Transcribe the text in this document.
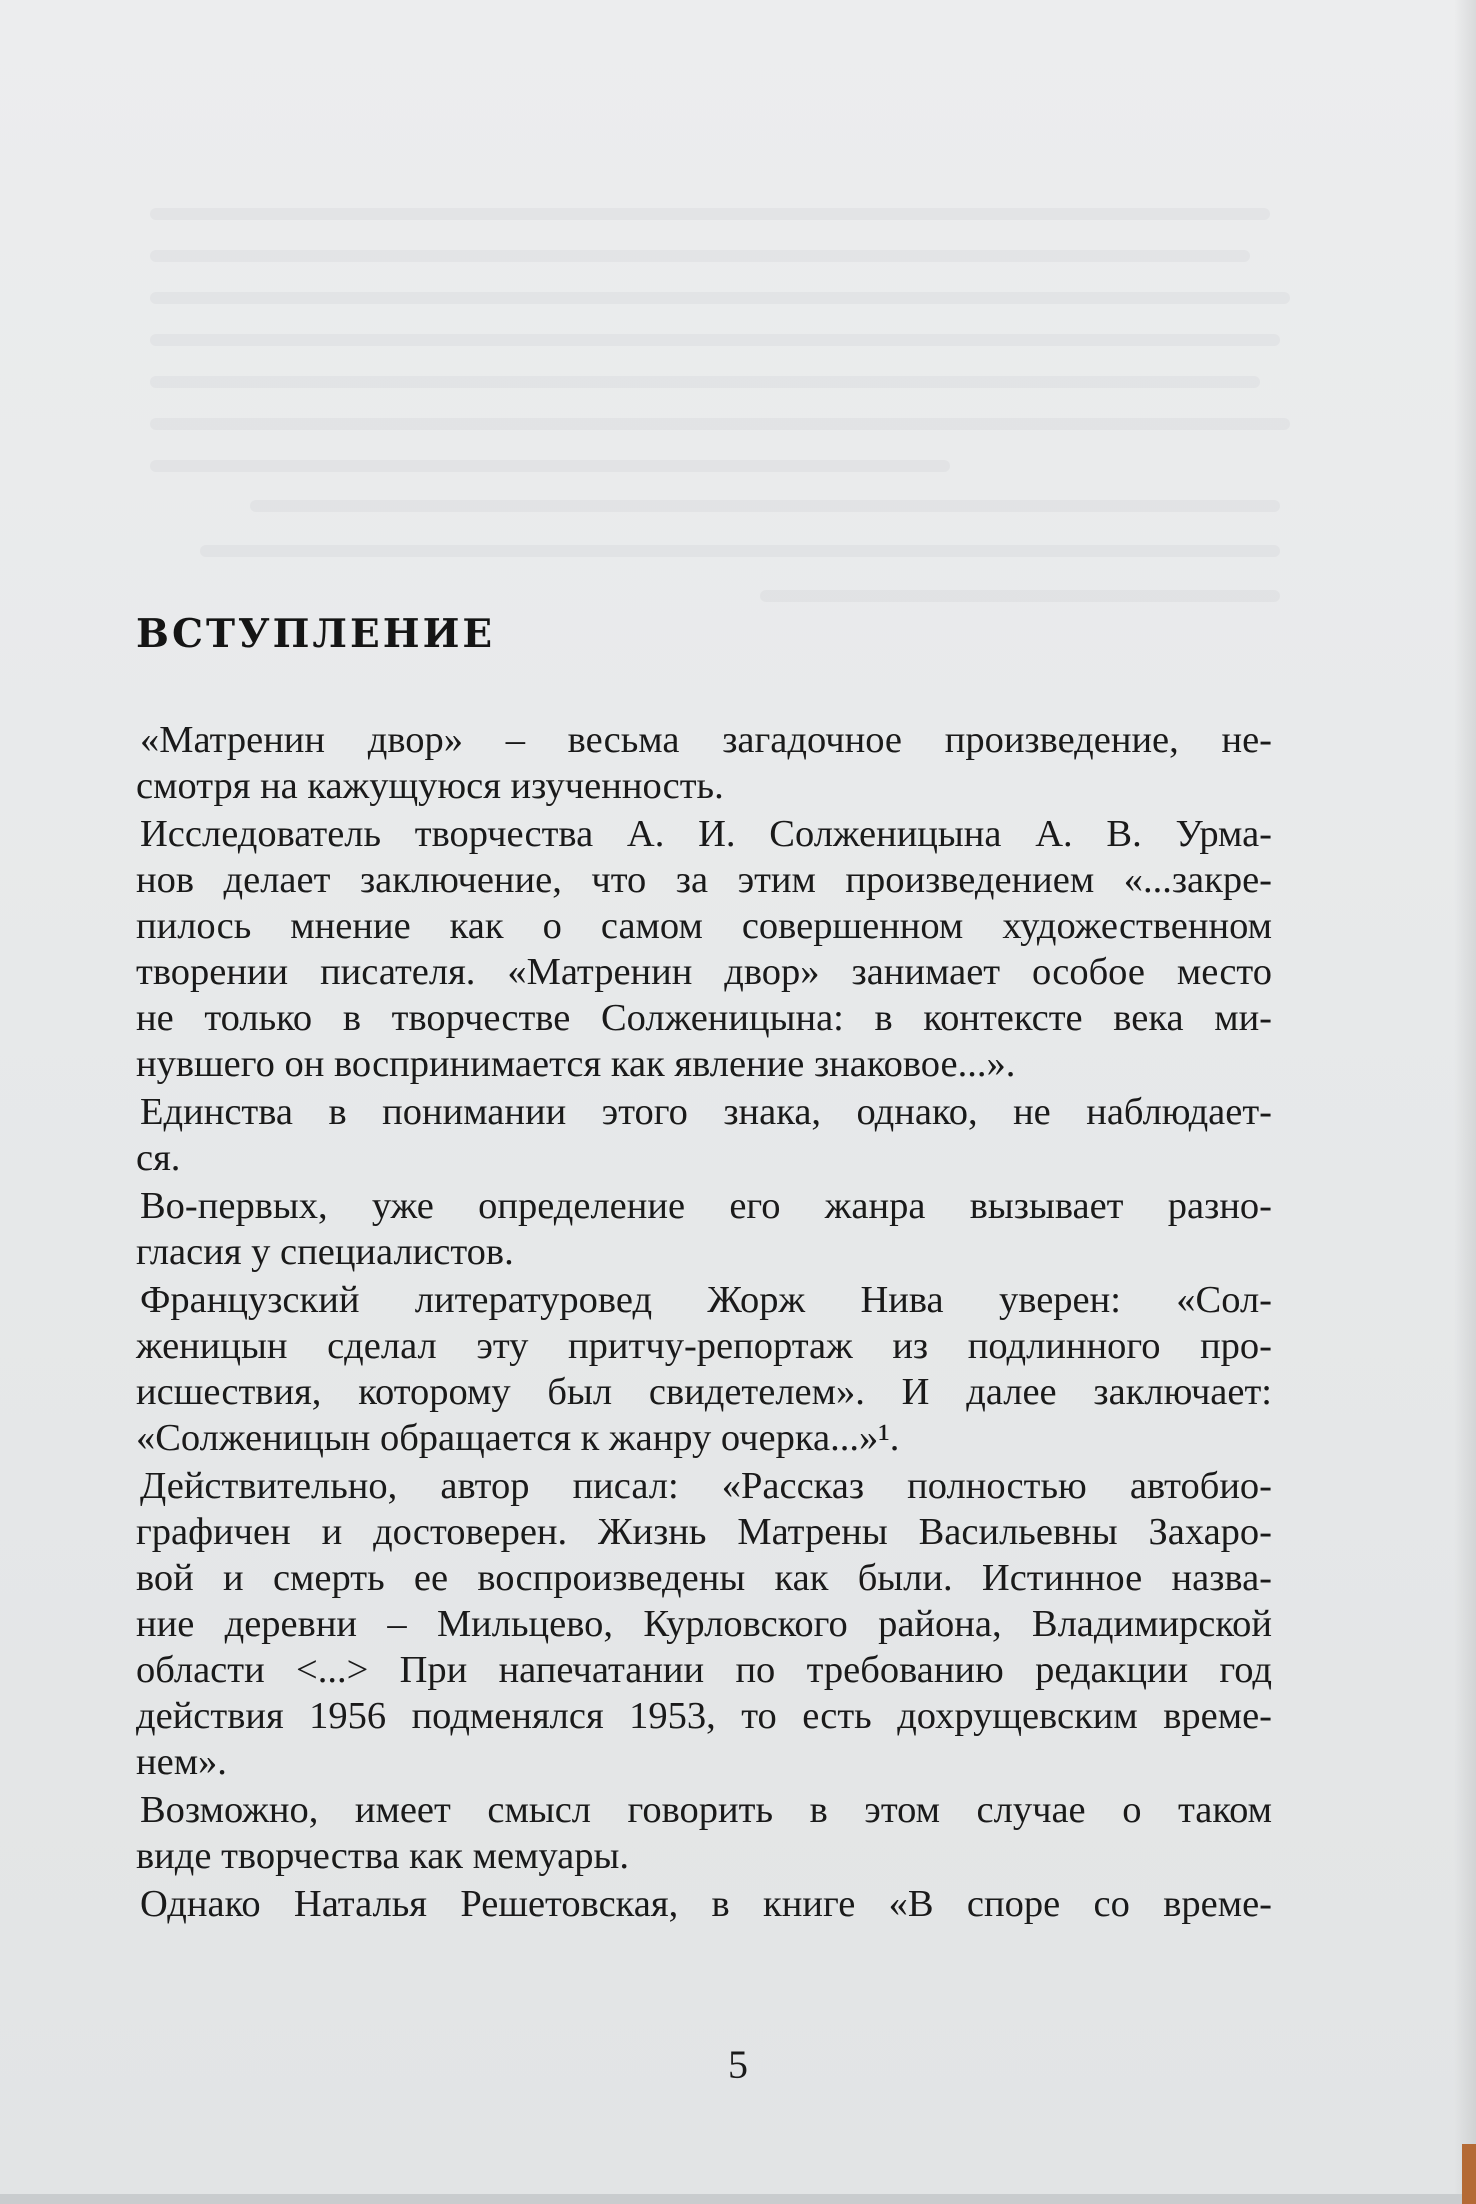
ВСТУПЛЕНИЕ

«Матренин двор» – весьма загадочное произведение, не-

смотря на кажущуюся изученность.

Исследователь творчества А. И. Солженицына А. В. Урма-

нов делает заключение, что за этим произведением «...закре-

пилось мнение как о самом совершенном художественном

творении писателя. «Матренин двор» занимает особое место

не только в творчестве Солженицына: в контексте века ми-

нувшего он воспринимается как явление знаковое...».

Единства в понимании этого знака, однако, не наблюдает-

ся.

Во-первых, уже определение его жанра вызывает разно-

гласия у специалистов.

Французский литературовед Жорж Нива уверен: «Сол-

женицын сделал эту притчу-репортаж из подлинного про-

исшествия, которому был свидетелем». И далее заключает:

«Солженицын обращается к жанру очерка...»¹.

Действительно, автор писал: «Рассказ полностью автобио-

графичен и достоверен. Жизнь Матрены Васильевны Захаро-

вой и смерть ее воспроизведены как были. Истинное назва-

ние деревни – Мильцево, Курловского района, Владимирской

области <...> При напечатании по требованию редакции год

действия 1956 подменялся 1953, то есть дохрущевским време-

нем».

Возможно, имеет смысл говорить в этом случае о таком

виде творчества как мемуары.

Однако Наталья Решетовская, в книге «В споре со време-

5
